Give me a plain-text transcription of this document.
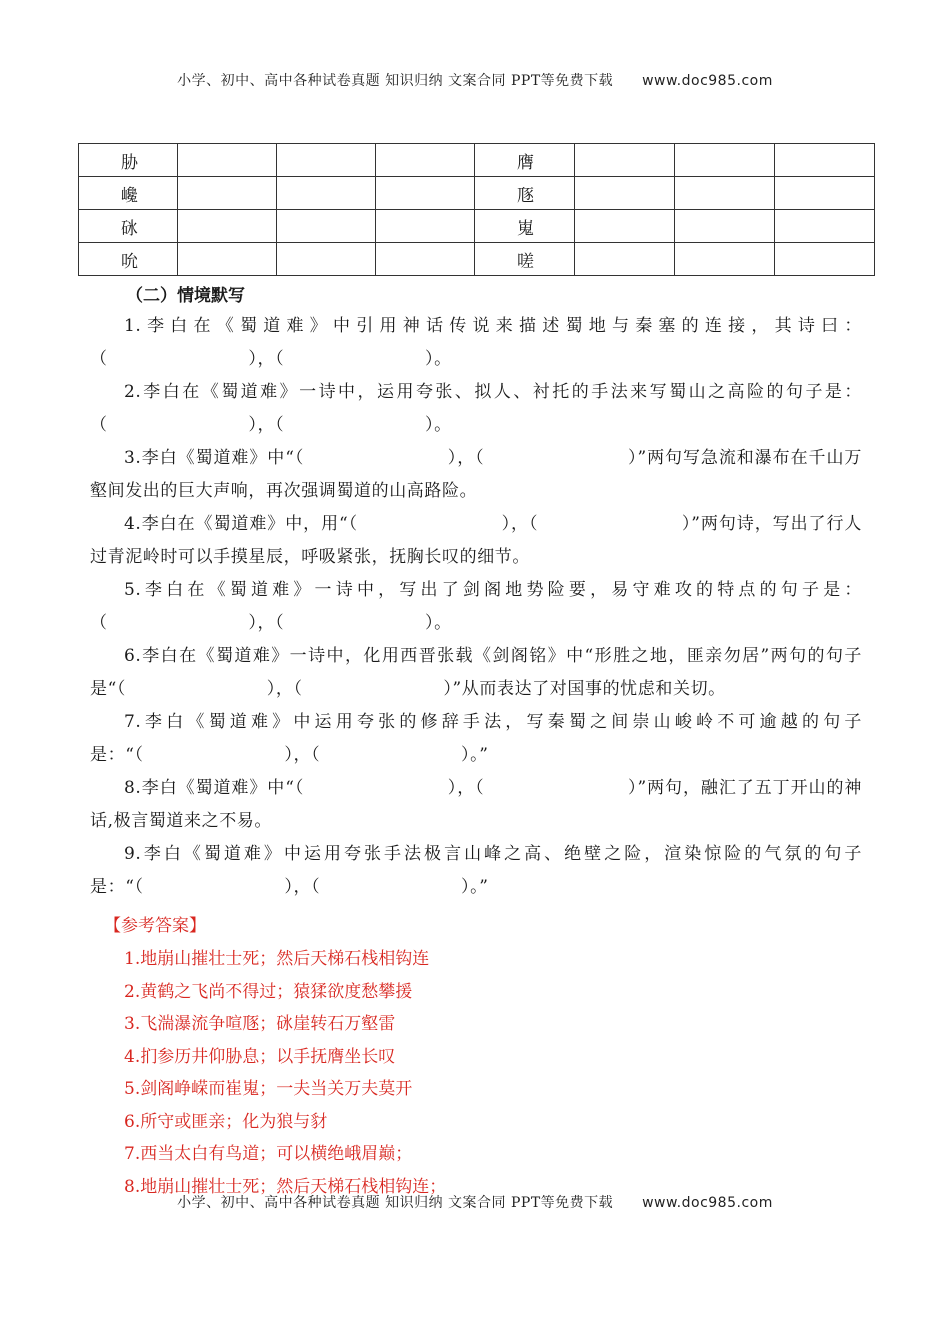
小学、初中、高中各种试卷真题 知识归纳 文案合同 PPT等免费下载 www.doc985.com
胁				膺			
巉				豗			
砯				嵬			
吮				嗟			
（二）情境默写

1.李白在《蜀道难》中引用神话传说来描述蜀地与秦塞的连接，其诗曰：（　　　　　　　　），（　　　　　　　　）。

2.李白在《蜀道难》一诗中，运用夸张、拟人、衬托的手法来写蜀山之高险的句子是：（　　　　　　　　），（　　　　　　　　）。

3.李白《蜀道难》中“（　　　　　　　　），（　　　　　　　　）”两句写急流和瀑布在千山万壑间发出的巨大声响，再次强调蜀道的山高路险。

4.李白在《蜀道难》中，用“（　　　　　　　　），（　　　　　　　　）”两句诗，写出了行人过青泥岭时可以手摸星辰，呼吸紧张，抚胸长叹的细节。

5.李白在《蜀道难》一诗中，写出了剑阁地势险要，易守难攻的特点的句子是：（　　　　　　　　），（　　　　　　　　）。

6.李白在《蜀道难》一诗中，化用西晋张载《剑阁铭》中“形胜之地，匪亲勿居”两句的句子是“（　　　　　　　　），（　　　　　　　　）”从而表达了对国事的忧虑和关切。

7.李白《蜀道难》中运用夸张的修辞手法，写秦蜀之间崇山峻岭不可逾越的句子是：“（　　　　　　　　），（　　　　　　　　）。”

8.李白《蜀道难》中“（　　　　　　　　），（　　　　　　　　）”两句，融汇了五丁开山的神话,极言蜀道来之不易。

9.李白《蜀道难》中运用夸张手法极言山峰之高、绝壁之险，渲染惊险的气氛的句子是：“（　　　　　　　　），（　　　　　　　　）。”

【参考答案】

1.地崩山摧壮士死；然后天梯石栈相钩连

2.黄鹤之飞尚不得过；猿猱欲度愁攀援

3.飞湍瀑流争喧豗；砯崖转石万壑雷

4.扪参历井仰胁息；以手抚膺坐长叹

5.剑阁峥嵘而崔嵬；一夫当关万夫莫开

6.所守或匪亲；化为狼与豺

7.西当太白有鸟道；可以横绝峨眉巅；

8.地崩山摧壮士死；然后天梯石栈相钩连；

小学、初中、高中各种试卷真题 知识归纳 文案合同 PPT等免费下载 www.doc985.com
